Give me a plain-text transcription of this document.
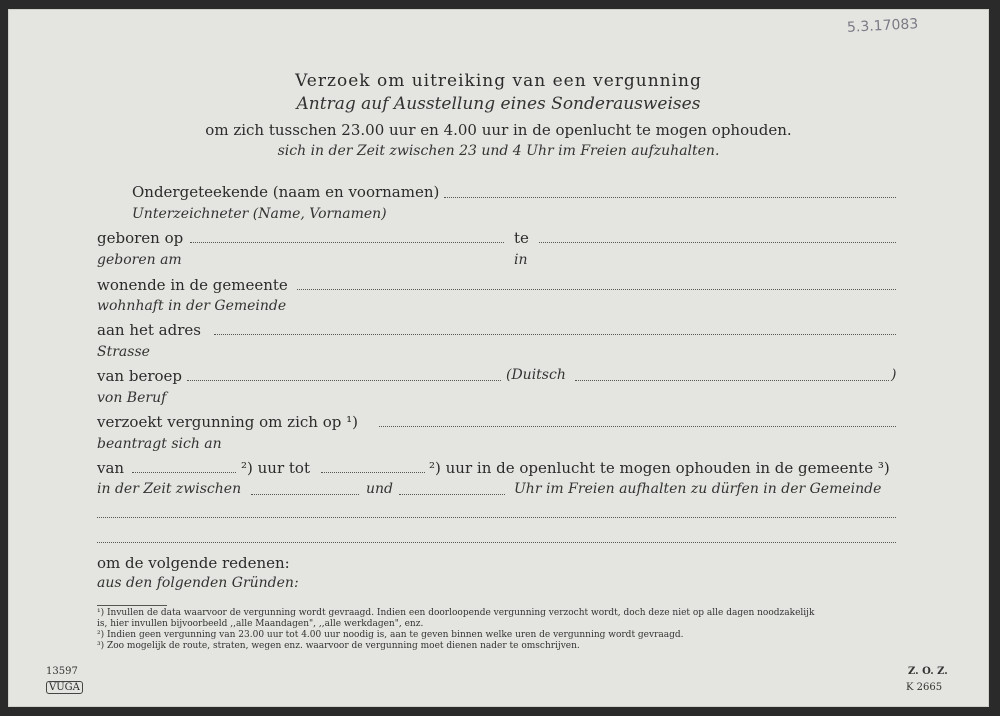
5.3.17083
Verzoek om uitreiking van een vergunning
Antrag auf Ausstellung eines Sonderausweises
om zich tusschen 23.00 uur en 4.00 uur in de openlucht te mogen ophouden.
sich in der Zeit zwischen 23 und 4 Uhr im Freien aufzuhalten.
Ondergeteekende (naam en voornamen)
Unterzeichneter (Name, Vornamen)
geboren op	te
geboren am	in
wonende in de gemeente
wohnhaft in der Gemeinde
aan het adres
Strasse
van beroep	(Duitsch	)
von Beruf
verzoekt vergunning om zich op ¹)
beantragt sich an
van	²) uur tot	²) uur in de openlucht te mogen ophouden in de gemeente ³)
in der Zeit zwischen	und	Uhr im Freien aufhalten zu dürfen in der Gemeinde
om de volgende redenen:
aus den folgenden Gründen:
¹) Invullen de data waarvoor de vergunning wordt gevraagd. Indien een doorloopende vergunning verzocht wordt, doch deze niet op alle dagen noodzakelijk
is, hier invullen bijvoorbeeld ,,alle Maandagen", ,,alle werkdagen", enz.
²) Indien geen vergunning van 23.00 uur tot 4.00 uur noodig is, aan te geven binnen welke uren de vergunning wordt gevraagd.
³) Zoo mogelijk de route, straten, wegen enz. waarvoor de vergunning moet dienen nader te omschrijven.
13597
VUGA
Z. O. Z.
K 2665
